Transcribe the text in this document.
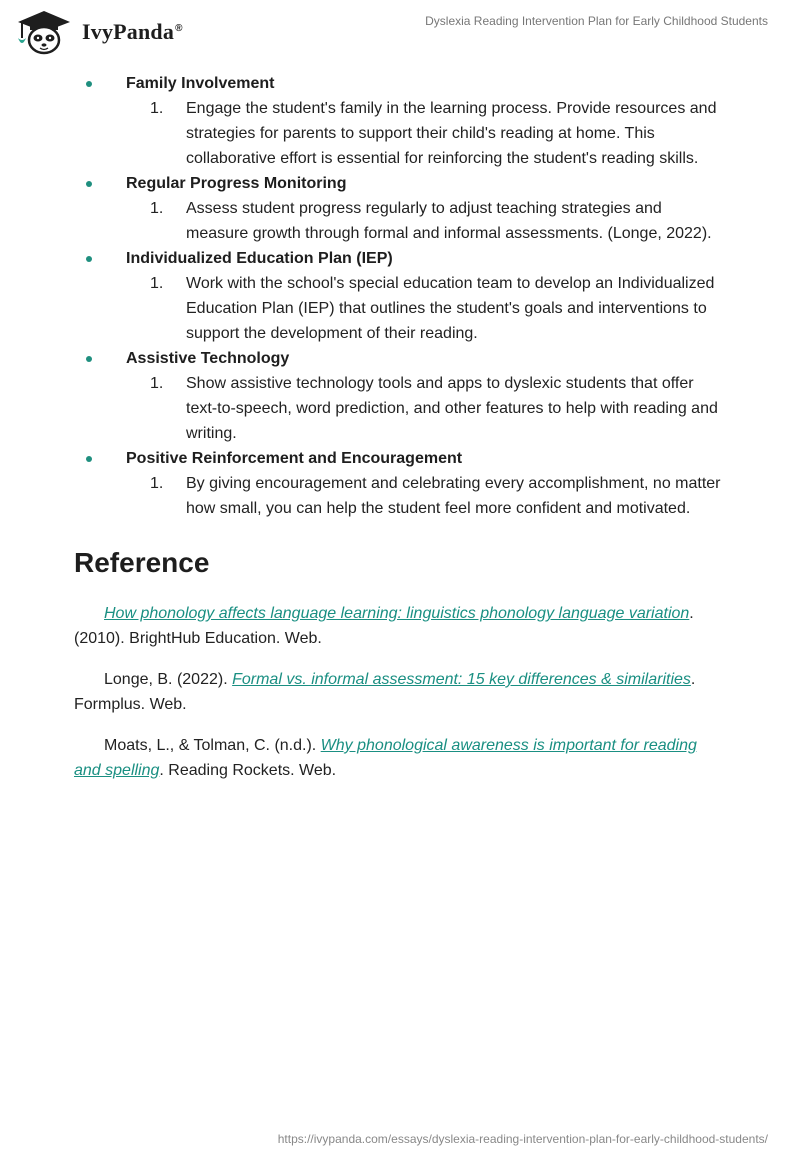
IvyPanda®
Dyslexia Reading Intervention Plan for Early Childhood Students
Family Involvement
1. Engage the student's family in the learning process. Provide resources and strategies for parents to support their child's reading at home. This collaborative effort is essential for reinforcing the student's reading skills.
Regular Progress Monitoring
1. Assess student progress regularly to adjust teaching strategies and measure growth through formal and informal assessments. (Longe, 2022).
Individualized Education Plan (IEP)
1. Work with the school's special education team to develop an Individualized Education Plan (IEP) that outlines the student's goals and interventions to support the development of their reading.
Assistive Technology
1. Show assistive technology tools and apps to dyslexic students that offer text-to-speech, word prediction, and other features to help with reading and writing.
Positive Reinforcement and Encouragement
1. By giving encouragement and celebrating every accomplishment, no matter how small, you can help the student feel more confident and motivated.
Reference

How phonology affects language learning: linguistics phonology language variation. (2010). BrightHub Education. Web.

Longe, B. (2022). Formal vs. informal assessment: 15 key differences & similarities. Formplus. Web.

Moats, L., & Tolman, C. (n.d.). Why phonological awareness is important for reading and spelling. Reading Rockets. Web.

https://ivypanda.com/essays/dyslexia-reading-intervention-plan-for-early-childhood-students/
